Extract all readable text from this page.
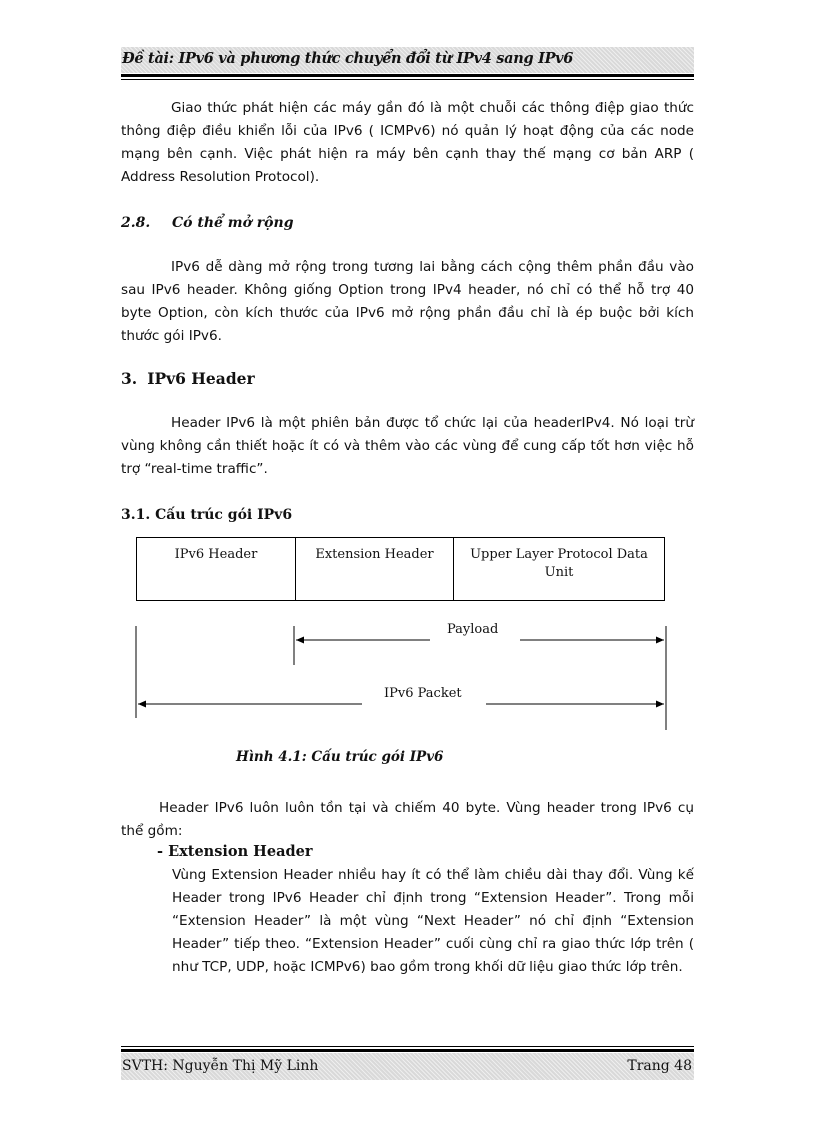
Đề tài: IPv6 và phương thức chuyển đổi từ IPv4 sang IPv6

Giao thức phát hiện các máy gần đó là một chuỗi các thông điệp giao thức thông điệp điều khiển lỗi của IPv6 ( ICMPv6) nó quản lý hoạt động của các node mạng bên cạnh. Việc phát hiện ra máy bên cạnh thay thế mạng cơ bản ARP ( Address Resolution Protocol).

2.8. Có thể mở rộng

IPv6 dễ dàng mở rộng trong tương lai bằng cách cộng thêm phần đầu vào sau IPv6 header. Không giống Option trong IPv4 header, nó chỉ có thể hỗ trợ 40 byte Option, còn kích thước của IPv6 mở rộng phần đầu chỉ là ép buộc bởi kích thước gói IPv6.

3. IPv6 Header

Header IPv6 là một phiên bản được tổ chức lại của headerIPv4. Nó loại trừ vùng không cần thiết hoặc ít có và thêm vào các vùng để cung cấp tốt hơn việc hỗ trợ “real-time traffic”.

3.1. Cấu trúc gói IPv6
IPv6 Header	Extension Header	Upper Layer Protocol Data Unit
Payload
IPv6 Packet
Hình 4.1: Cấu trúc gói IPv6

Header IPv6 luôn luôn tồn tại và chiếm 40 byte. Vùng header trong IPv6 cụ thể gồm:

- Extension Header

Vùng Extension Header nhiều hay ít có thể làm chiều dài thay đổi. Vùng kế Header trong IPv6 Header chỉ định trong “Extension Header”. Trong mỗi “Extension Header” là một vùng “Next Header” nó chỉ định “Extension Header” tiếp theo. “Extension Header” cuối cùng chỉ ra giao thức lớp trên ( như TCP, UDP, hoặc ICMPv6) bao gồm trong khối dữ liệu giao thức lớp trên.

SVTH: Nguyễn Thị Mỹ Linh	Trang 48
